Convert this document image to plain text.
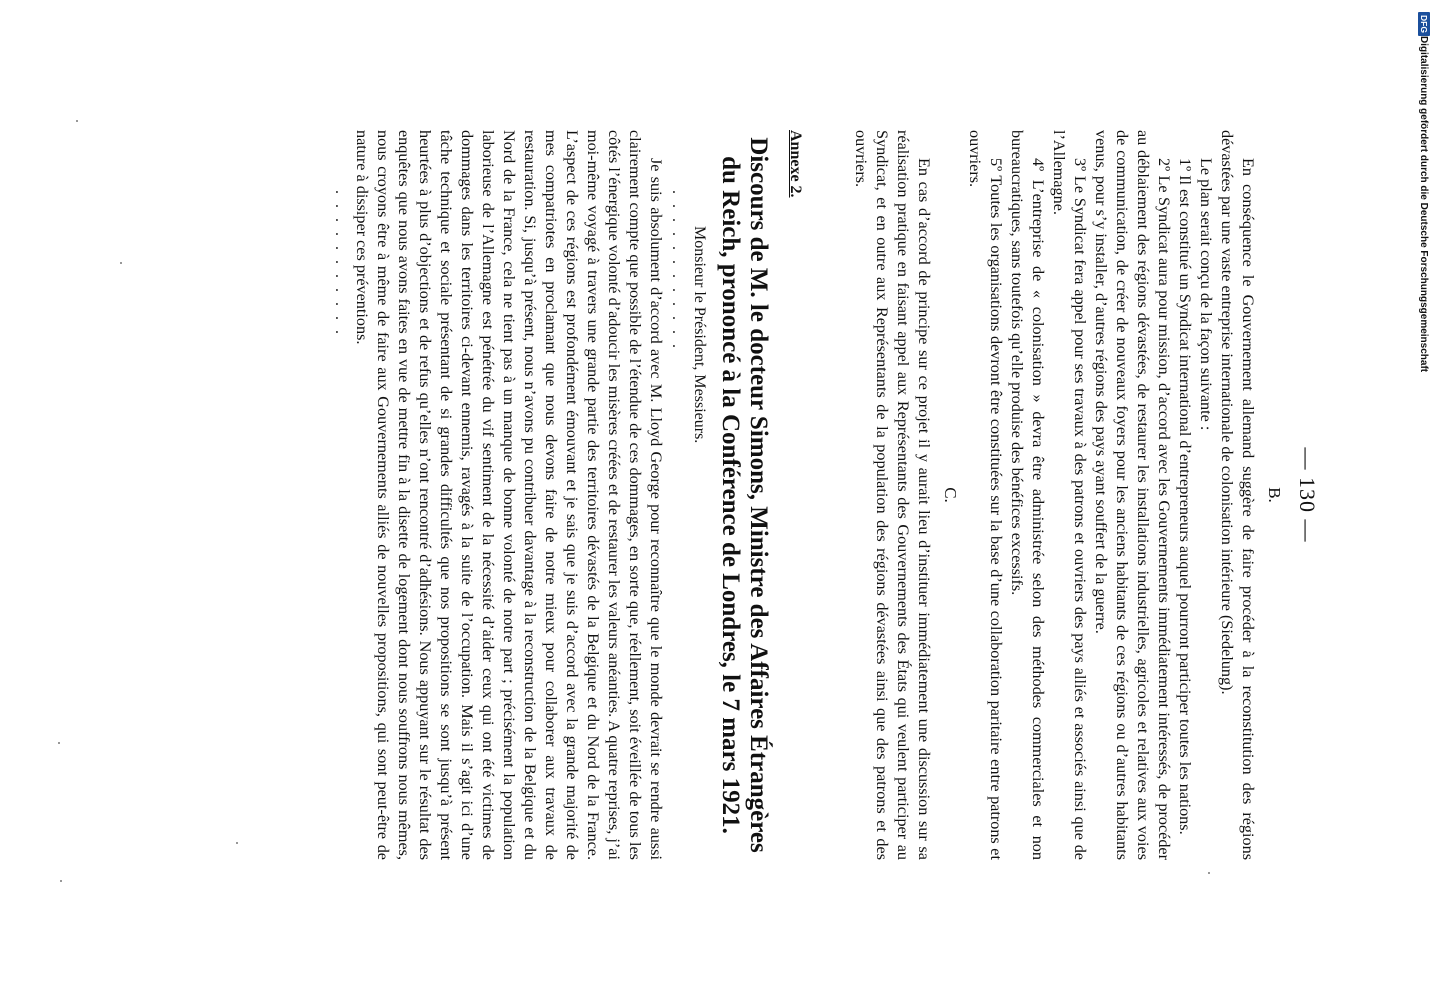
— 130 —
B.

En conséquence le Gouvernement allemand suggère de faire procéder à la reconstitution des régions dévastées par une vaste entreprise internationale de colonisation intérieure (Siedelung).

Le plan serait conçu de la façon suivante :

1º Il est constitué un Syndicat international d’entrepreneurs auquel pourront participer toutes les nations.

2º Le Syndicat aura pour mission, d’accord avec les Gouvernements immédiatement intéressés, de procéder au déblaiement des régions dévastées, de restaurer les installations industrielles, agricoles et relatives aux voies de communication, de créer de nouveaux foyers pour les anciens habitants de ces régions ou d’autres habitants venus, pour s’y installer, d’autres régions des pays ayant souffert de la guerre.

3º Le Syndicat fera appel pour ses travaux à des patrons et ouvriers des pays alliés et associés ainsi que de l’Allemagne.

4º L’entreprise de « colonisation » devra être administrée selon des méthodes commerciales et non bureaucratiques, sans toutefois qu’elle produise des bénéfices excessifs.

5º Toutes les organisations devront être constituées sur la base d’une collaboration paritaire entre patrons et ouvriers.

C.

En cas d’accord de principe sur ce projet il y aurait lieu d’instituer immédiatement une discussion sur sa réalisation pratique en faisant appel aux Représentants des Gouvernements des États qui veulent participer au Syndicat, et en outre aux Représentants de la population des régions dévastées ainsi que des patrons et des ouvriers.

Annexe 2.
Discours de M. le docteur Simons, Ministre des Affaires Étrangères du Reich, prononcé à la Conférence de Londres, le 7 mars 1921.
Monsieur le Président, Messieurs.
. . . . . . . . . . . .

Je suis absolument d’accord avec M. Lloyd George pour reconnaître que le monde devrait se rendre aussi clairement compte que possible de l’étendue de ces dommages, en sorte que, réellement, soit éveillée de tous les côtés l’énergique volonté d’adoucir les misères créées et de restaurer les valeurs anéanties. A quatre reprises, j’ai moi-même voyagé à travers une grande partie des territoires dévastés de la Belgique et du Nord de la France. L’aspect de ces régions est profondément émouvant et je sais que je suis d’accord avec la grande majorité de mes compatriotes en proclamant que nous devons faire de notre mieux pour collaborer aux travaux de restauration. Si, jusqu’à présent, nous n’avons pu contribuer davantage à la reconstruction de la Belgique et du Nord de la France, cela ne tient pas à un manque de bonne volonté de notre part ; précisément la population laborieuse de l’Allemagne est pénétrée du vif sentiment de la nécessité d’aider ceux qui ont été victimes de dommages dans les territoires ci-devant ennemis, ravagés à la suite de l’occupation. Mais il s’agit ici d’une tâche technique et sociale présentant de si grandes difficultés que nos propositions se sont jusqu’à présent heurtées à plus d’objections et de refus qu’elles n’ont rencontré d’adhésions. Nous appuyant sur le résultat des enquêtes que nous avons faites en vue de mettre fin à la disette de logement dont nous souffrons nous mêmes, nous croyons être à même de faire aux Gouvernements alliés de nouvelles propositions, qui sont peut-être de nature à dissiper ces préventions.

. . . . . . . . . . .	Digitalisierung gefördert durch die Deutsche Forschungsgemeinschaft
DFG
